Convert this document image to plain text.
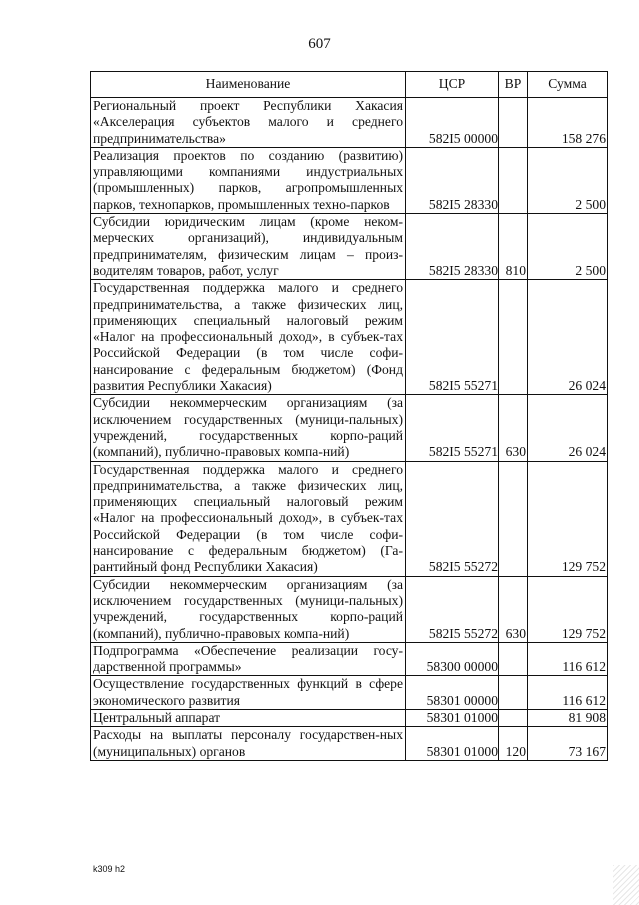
607
Наименование	ЦСР	ВР	Сумма
Региональный проект Республики Хакасия «Акселерация субъектов малого и среднего предпринимательства»	582I5 00000		158 276
Реализация проектов по созданию (развитию) управляющими компаниями индустриальных (промышленных) парков, агропромышленных парков, технопарков, промышленных техно-парков	582I5 28330		2 500
Субсидии юридическим лицам (кроме неком-мерческих организаций), индивидуальным предпринимателям, физическим лицам – произ-водителям товаров, работ, услуг	582I5 28330	810	2 500
Государственная поддержка малого и среднего предпринимательства, а также физических лиц, применяющих специальный налоговый режим «Налог на профессиональный доход», в субъек-тах Российской Федерации (в том числе софи-нансирование с федеральным бюджетом) (Фонд развития Республики Хакасия)	582I5 55271		26 024
Субсидии некоммерческим организациям (за исключением государственных (муници-пальных) учреждений, государственных корпо-раций (компаний), публично-правовых компа-ний)	582I5 55271	630	26 024
Государственная поддержка малого и среднего предпринимательства, а также физических лиц, применяющих специальный налоговый режим «Налог на профессиональный доход», в субъек-тах Российской Федерации (в том числе софи-нансирование с федеральным бюджетом) (Га-рантийный фонд Республики Хакасия)	582I5 55272		129 752
Субсидии некоммерческим организациям (за исключением государственных (муници-пальных) учреждений, государственных корпо-раций (компаний), публично-правовых компа-ний)	582I5 55272	630	129 752
Подпрограмма «Обеспечение реализации госу-дарственной программы»	58300 00000		116 612
Осуществление государственных функций в сфере экономического развития	58301 00000		116 612
Центральный аппарат	58301 01000		81 908
Расходы на выплаты персоналу государствен-ных (муниципальных) органов	58301 01000	120	73 167
k309 h2
